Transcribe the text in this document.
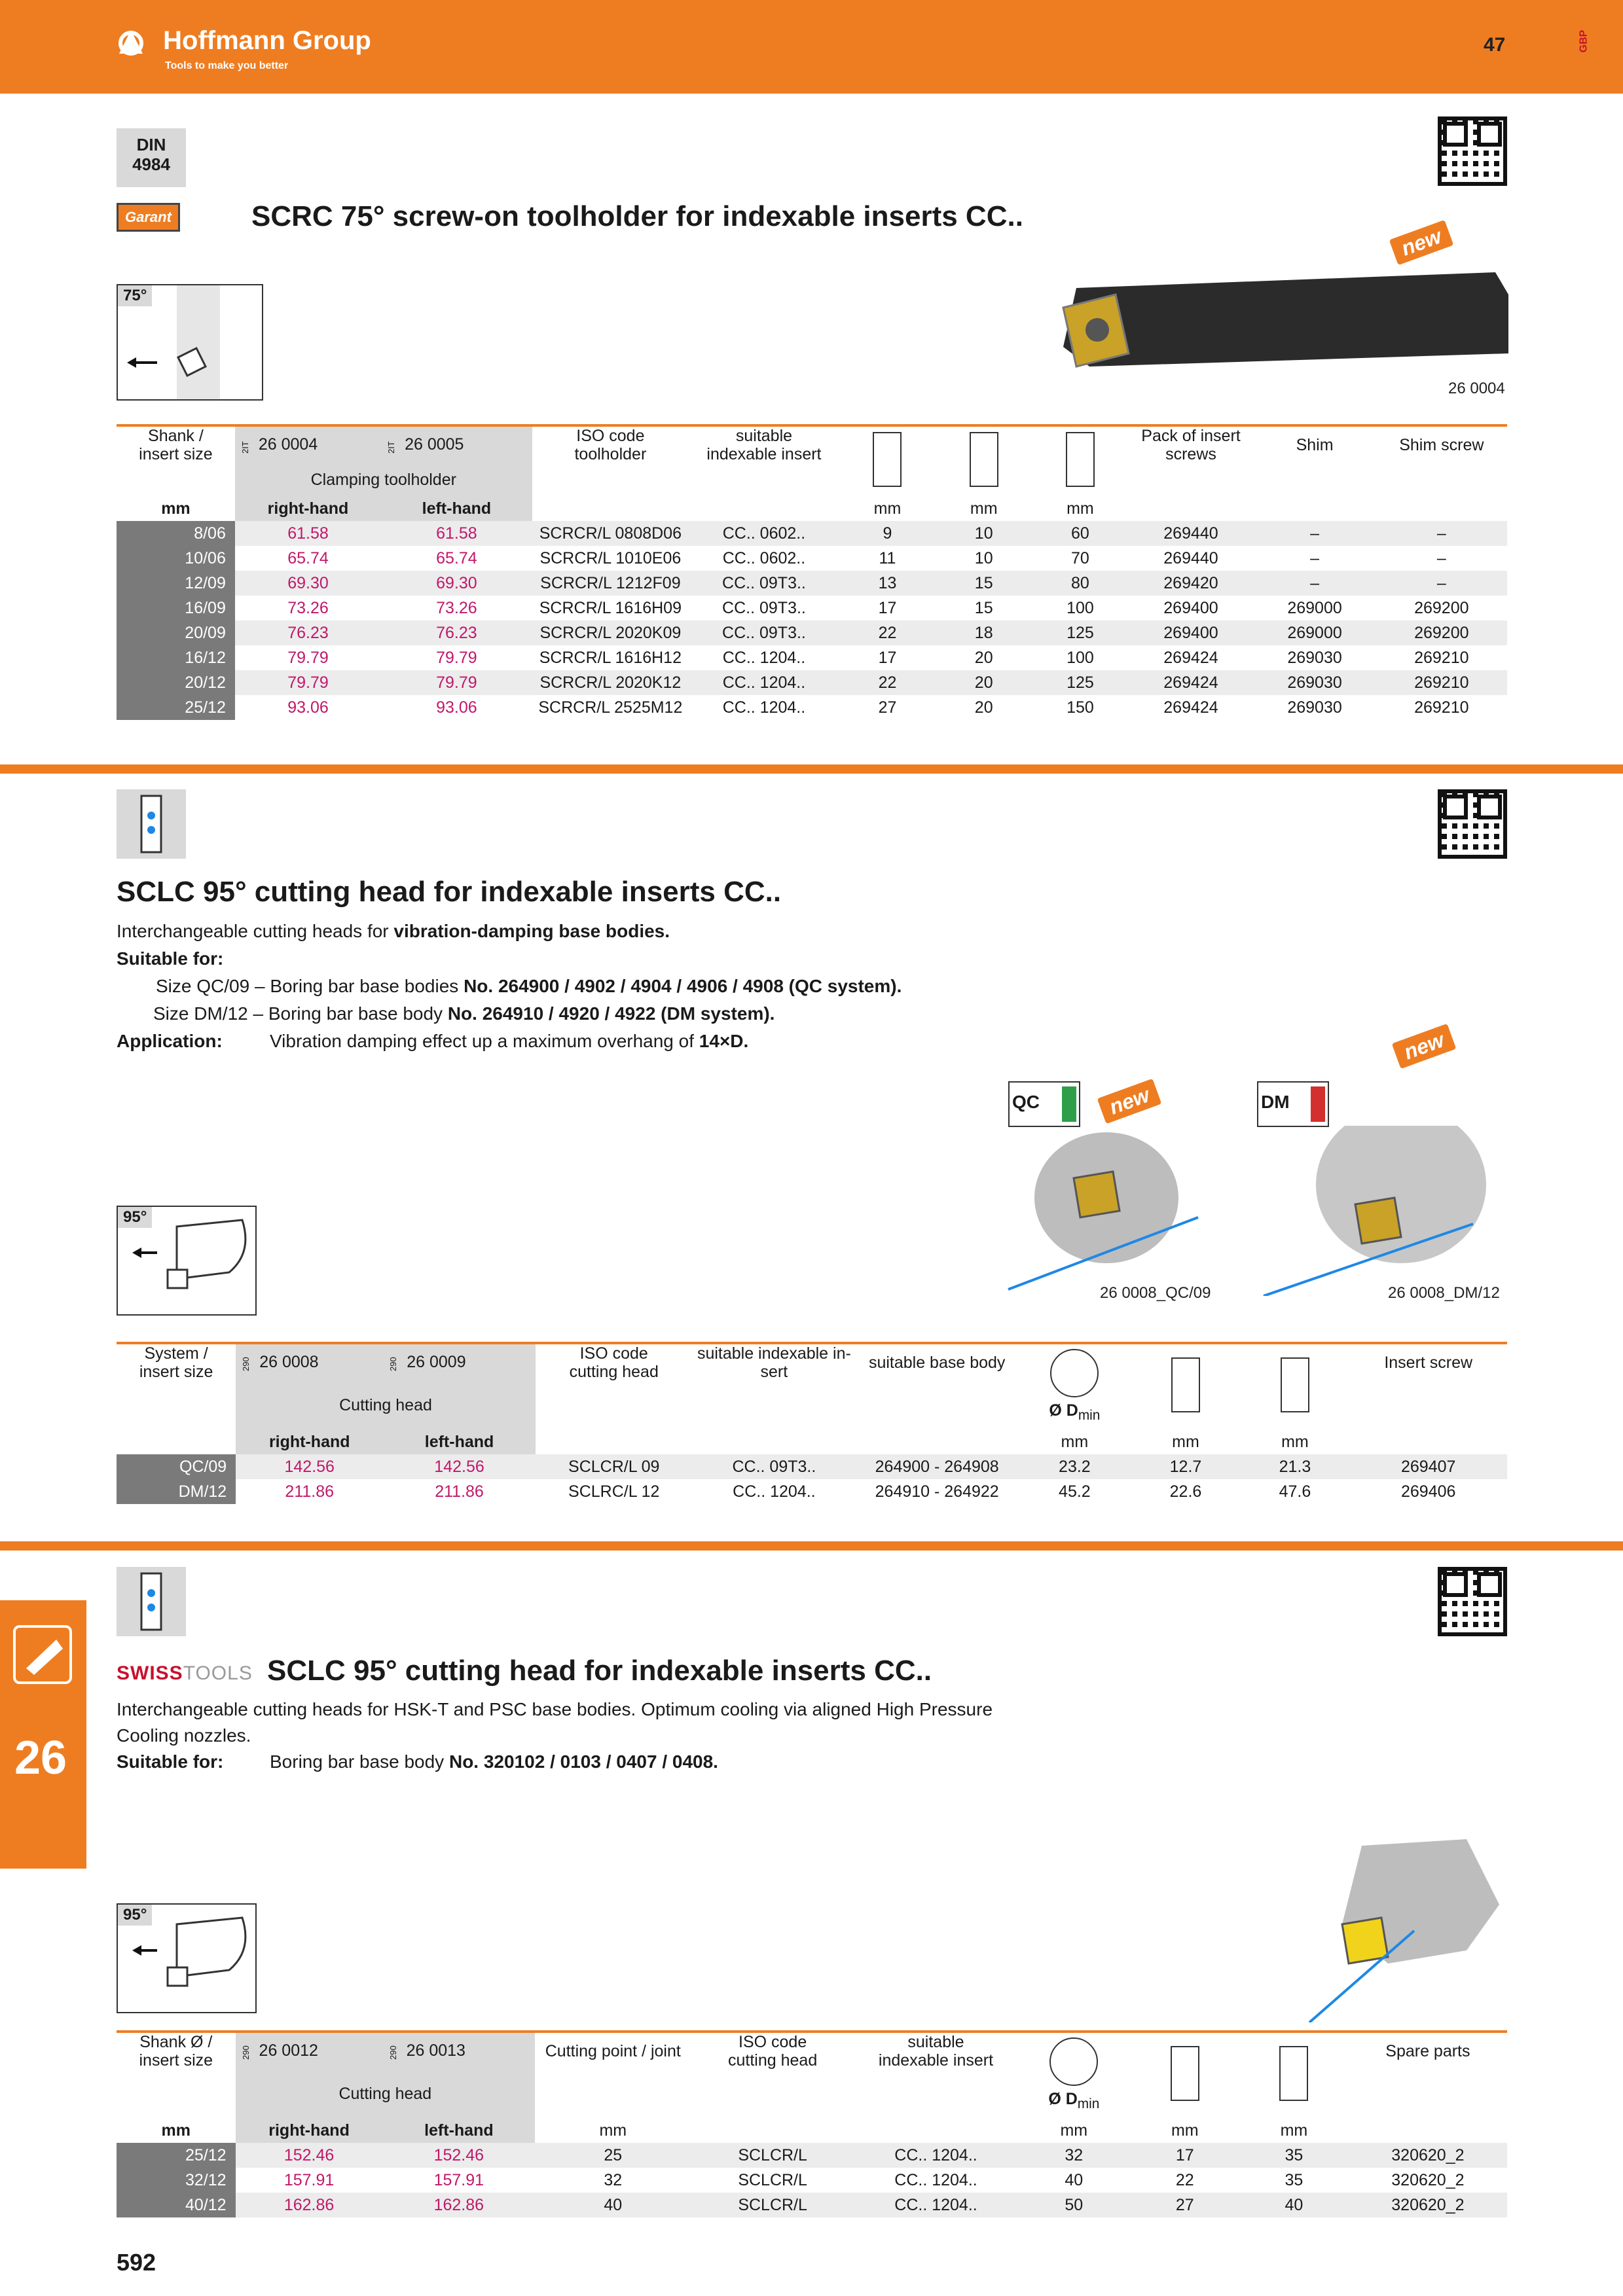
Hoffmann Group
Tools to make you better
47	GBP
DIN
4984
Garant	SCRC 75° screw-on toolholder for indexable inserts CC..
75°
new
26 0004
Shank /
insert size	2IT 26 0004	2IT 26 0005	ISO code
toolholder	suitable
indexable insert				Pack of insert
screws	Shim	Shim screw
	Clamping toolholder									
mm	right-hand	left-hand			mm	mm	mm			
8/06	61.58	61.58	SCRCR/L 0808D06	CC.. 0602..	9	10	60	269440	–	–
10/06	65.74	65.74	SCRCR/L 1010E06	CC.. 0602..	11	10	70	269440	–	–
12/09	69.30	69.30	SCRCR/L 1212F09	CC.. 09T3..	13	15	80	269420	–	–
16/09	73.26	73.26	SCRCR/L 1616H09	CC.. 09T3..	17	15	100	269400	269000	269200
20/09	76.23	76.23	SCRCR/L 2020K09	CC.. 09T3..	22	18	125	269400	269000	269200
16/12	79.79	79.79	SCRCR/L 1616H12	CC.. 1204..	17	20	100	269424	269030	269210
20/12	79.79	79.79	SCRCR/L 2020K12	CC.. 1204..	22	20	125	269424	269030	269210
25/12	93.06	93.06	SCRCR/L 2525M12	CC.. 1204..	27	20	150	269424	269030	269210
SCLC 95° cutting head for indexable inserts CC..
Interchangeable cutting heads for vibration-damping base bodies.
Suitable for:
Size QC/09 – Boring bar base bodies No. 264900 / 4902 / 4904 / 4906 / 4908 (QC system).
Size DM/12 – Boring bar base body No. 264910 / 4920 / 4922 (DM system).
Application:	Vibration damping effect up a maximum overhang of 14×D.
95°
QC	new	DM
new
26 0008_QC/09	26 0008_DM/12
System /
insert size	290 26 0008	290 26 0009	ISO code
cutting head	suitable indexable in-
sert	suitable base body	Ø $D_{min}$			Insert screw
	Cutting head								
	right-hand	left-hand				mm	mm	mm	
QC/09	142.56	142.56	SCLCR/L 09	CC.. 09T3..	264900 - 264908	23.2	12.7	21.3	269407
DM/12	211.86	211.86	SCLRC/L 12	CC.. 1204..	264910 - 264922	45.2	22.6	47.6	269406
26
SWISSTOOLS SCLC 95° cutting head for indexable inserts CC..
Interchangeable cutting heads for HSK-T and PSC base bodies. Optimum cooling via aligned High Pressure Cooling nozzles.
Suitable for:	Boring bar base body No. 320102 / 0103 / 0407 / 0408.
95°
Shank Ø /
insert size	290 26 0012	290 26 0013	Cutting point / joint	ISO code
cutting head	suitable
indexable insert	Ø $D_{min}$			Spare parts
	Cutting head								
mm	right-hand	left-hand	mm			mm	mm	mm	
25/12	152.46	152.46	25	SCLCR/L	CC.. 1204..	32	17	35	320620_2
32/12	157.91	157.91	32	SCLCR/L	CC.. 1204..	40	22	35	320620_2
40/12	162.86	162.86	40	SCLCR/L	CC.. 1204..	50	27	40	320620_2
592
